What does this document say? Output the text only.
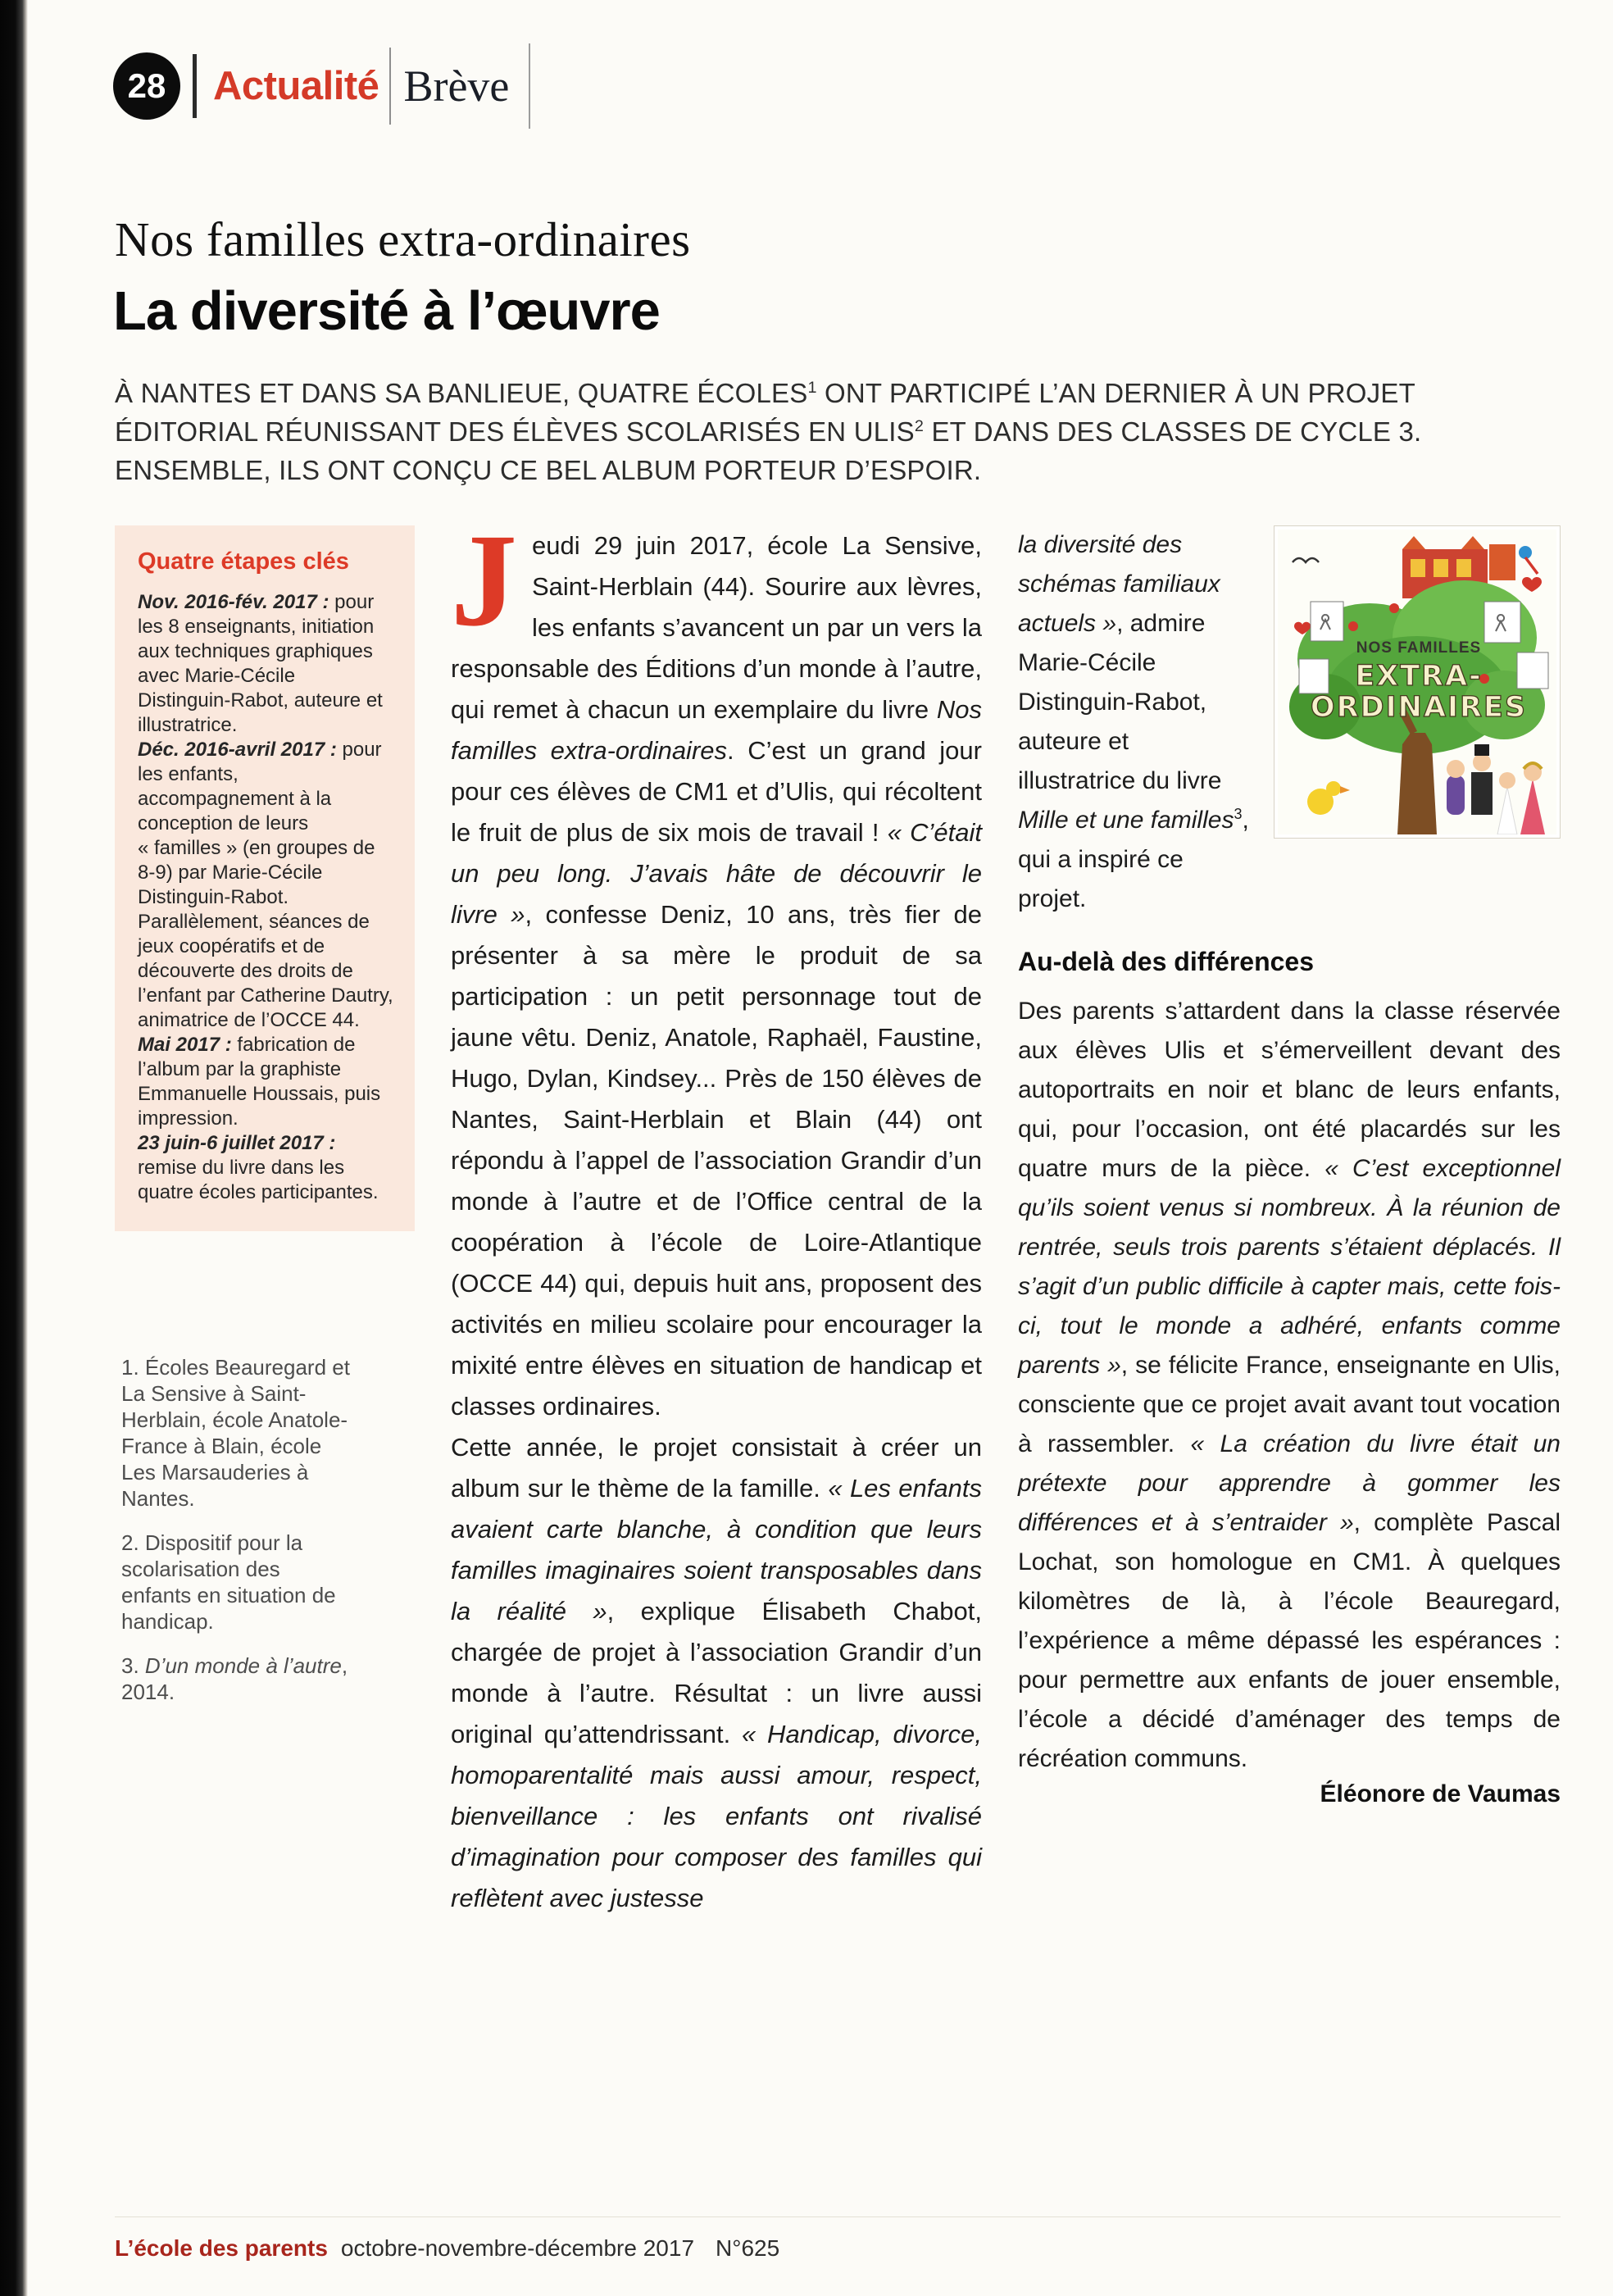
28 Actualité Brève
Nos familles extra-ordinaires
La diversité à l’œuvre

À NANTES ET DANS SA BANLIEUE, QUATRE ÉCOLES$^1$ ONT PARTICIPÉ L’AN DERNIER À UN PROJET ÉDITORIAL RÉUNISSANT DES ÉLÈVES SCOLARISÉS EN ULIS$^2$ ET DANS DES CLASSES DE CYCLE 3. ENSEMBLE, ILS ONT CONÇU CE BEL ALBUM PORTEUR D’ESPOIR.

Quatre étapes clés

Nov. 2016-fév. 2017 : pour les 8 enseignants, initiation aux techniques graphiques avec Marie-Cécile Distinguin-Rabot, auteure et illustratrice.

Déc. 2016-avril 2017 : pour les enfants, accompagnement à la conception de leurs « familles » (en groupes de 8-9) par Marie-Cécile Distinguin-Rabot. Parallèlement, séances de jeux coopératifs et de découverte des droits de l’enfant par Catherine Dautry, animatrice de l’OCCE 44.

Mai 2017 : fabrication de l’album par la graphiste Emmanuelle Houssais, puis impression.

23 juin-6 juillet 2017 : remise du livre dans les quatre écoles participantes.

1. Écoles Beauregard et La Sensive à Saint-Herblain, école Anatole-France à Blain, école Les Marsauderies à Nantes.

2. Dispositif pour la scolarisation des enfants en situation de handicap.

3. D’un monde à l’autre, 2014.

Jeudi 29 juin 2017, école La Sensive, Saint-Herblain (44). Sourire aux lèvres, les enfants s’avancent un par un vers la responsable des Éditions d’un monde à l’autre, qui remet à chacun un exemplaire du livre Nos familles extra-ordinaires. C’est un grand jour pour ces élèves de CM1 et d’Ulis, qui récoltent le fruit de plus de six mois de travail ! « C’était un peu long. J’avais hâte de découvrir le livre », confesse Deniz, 10 ans, très fier de présenter à sa mère le produit de sa participation : un petit personnage tout de jaune vêtu. Deniz, Anatole, Raphaël, Faustine, Hugo, Dylan, Kindsey... Près de 150 élèves de Nantes, Saint-Herblain et Blain (44) ont répondu à l’appel de l’association Grandir d’un monde à l’autre et de l’Office central de la coopération à l’école de Loire-Atlantique (OCCE 44) qui, depuis huit ans, proposent des activités en milieu scolaire pour encourager la mixité entre élèves en situation de handicap et classes ordinaires.

Cette année, le projet consistait à créer un album sur le thème de la famille. « Les enfants avaient carte blanche, à condition que leurs familles imaginaires soient transposables dans la réalité », explique Élisabeth Chabot, chargée de projet à l’association Grandir d’un monde à l’autre. Résultat : un livre aussi original qu’attendrissant. « Handicap, divorce, homoparentalité mais aussi amour, respect, bienveillance : les enfants ont rivalisé d’imagination pour composer des familles qui reflètent avec justesse

la diversité des schémas familiaux actuels », admire Marie-Cécile Distinguin-Rabot, auteure et illustratrice du livre Mille et une familles$^3$, qui a inspiré ce projet.
NOS FAMILLES
EXTRA-
ORDINAIRES
Au-delà des différences

Des parents s’attardent dans la classe réservée aux élèves Ulis et s’émerveillent devant des autoportraits en noir et blanc de leurs enfants, qui, pour l’occasion, ont été placardés sur les quatre murs de la pièce. « C’est exceptionnel qu’ils soient venus si nombreux. À la réunion de rentrée, seuls trois parents s’étaient déplacés. Il s’agit d’un public difficile à capter mais, cette fois-ci, tout le monde a adhéré, enfants comme parents », se félicite France, enseignante en Ulis, consciente que ce projet avait avant tout vocation à rassembler. « La création du livre était un prétexte pour apprendre à gommer les différences et à s’entraider », complète Pascal Lochat, son homologue en CM1. À quelques kilomètres de là, à l’école Beauregard, l’expérience a même dépassé les espérances : pour permettre aux enfants de jouer ensemble, l’école a décidé d’aménager des temps de récréation communs.

Éléonore de Vaumas

L’école des parents octobre-novembre-décembre 2017 N°625
